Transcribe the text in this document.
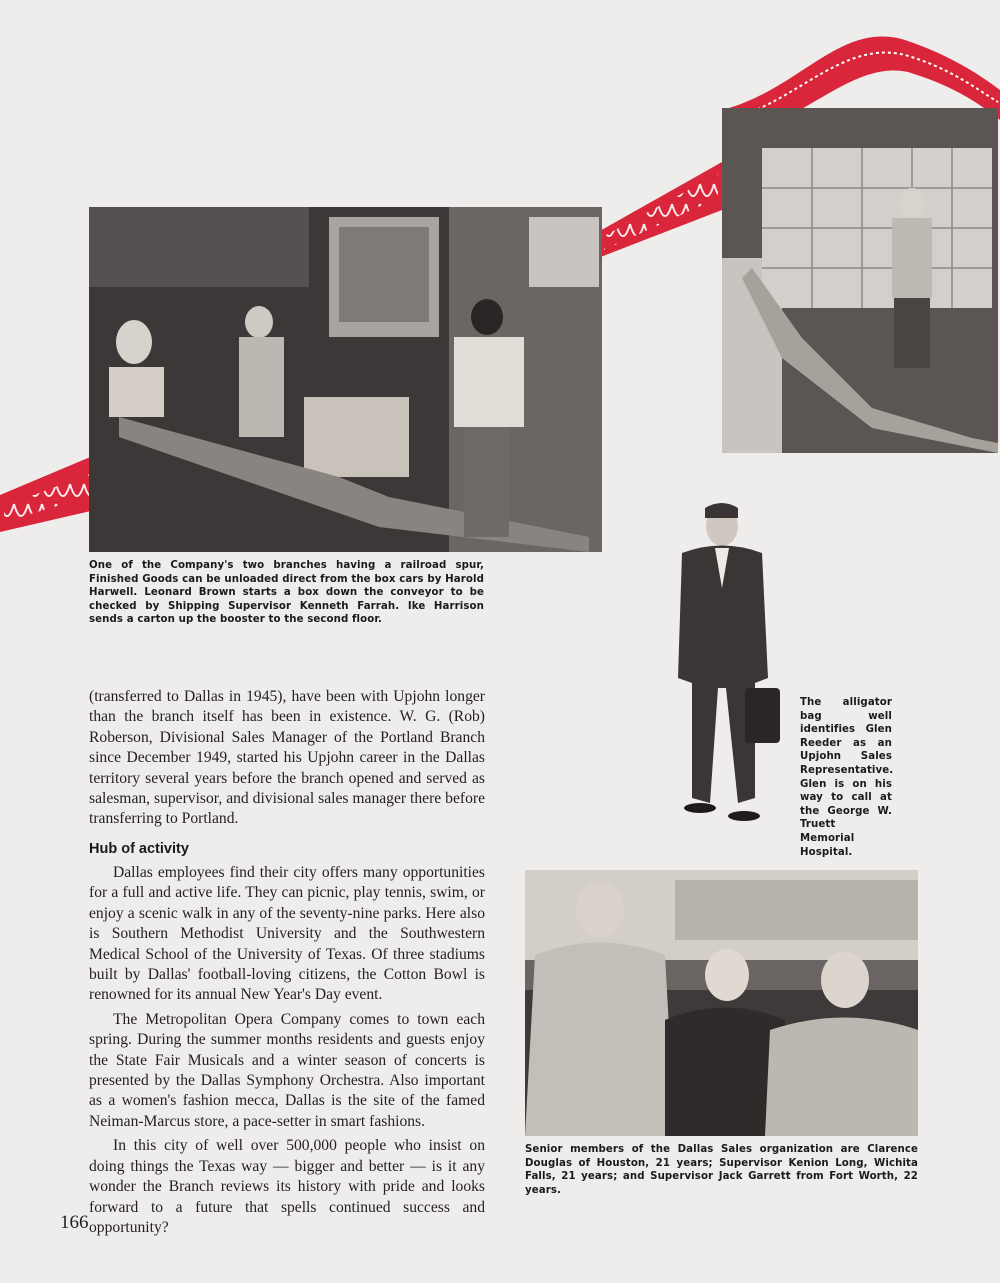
One of the Company's two branches having a railroad spur, Finished Goods can be unloaded direct from the box cars by Harold Harwell. Leonard Brown starts a box down the conveyor to be checked by Shipping Supervisor Kenneth Farrah. Ike Harrison sends a carton up the booster to the second floor.
The alligator bag well identifies Glen Reeder as an Upjohn Sales Representative. Glen is on his way to call at the George W. Truett Memorial Hospital.
Senior members of the Dallas Sales organization are Clarence Douglas of Houston, 21 years; Supervisor Kenion Long, Wichita Falls, 21 years; and Supervisor Jack Garrett from Fort Worth, 22 years.

(transferred to Dallas in 1945), have been with Upjohn longer than the branch itself has been in existence. W. G. (Rob) Roberson, Divisional Sales Manager of the Portland Branch since December 1949, started his Upjohn career in the Dallas territory several years before the branch opened and served as salesman, supervisor, and divisional sales manager there before transferring to Portland.

Hub of activity

Dallas employees find their city offers many opportunities for a full and active life. They can picnic, play tennis, swim, or enjoy a scenic walk in any of the seventy-nine parks. Here also is Southern Methodist University and the Southwestern Medical School of the University of Texas. Of three stadiums built by Dallas' football-loving citizens, the Cotton Bowl is renowned for its annual New Year's Day event.

The Metropolitan Opera Company comes to town each spring. During the summer months residents and guests enjoy the State Fair Musicals and a winter season of concerts is presented by the Dallas Symphony Orchestra. Also important as a women's fashion mecca, Dallas is the site of the famed Neiman-Marcus store, a pace-setter in smart fashions.

In this city of well over 500,000 people who insist on doing things the Texas way — bigger and better — is it any wonder the Branch reviews its history with pride and looks forward to a future that spells continued success and opportunity?

166
